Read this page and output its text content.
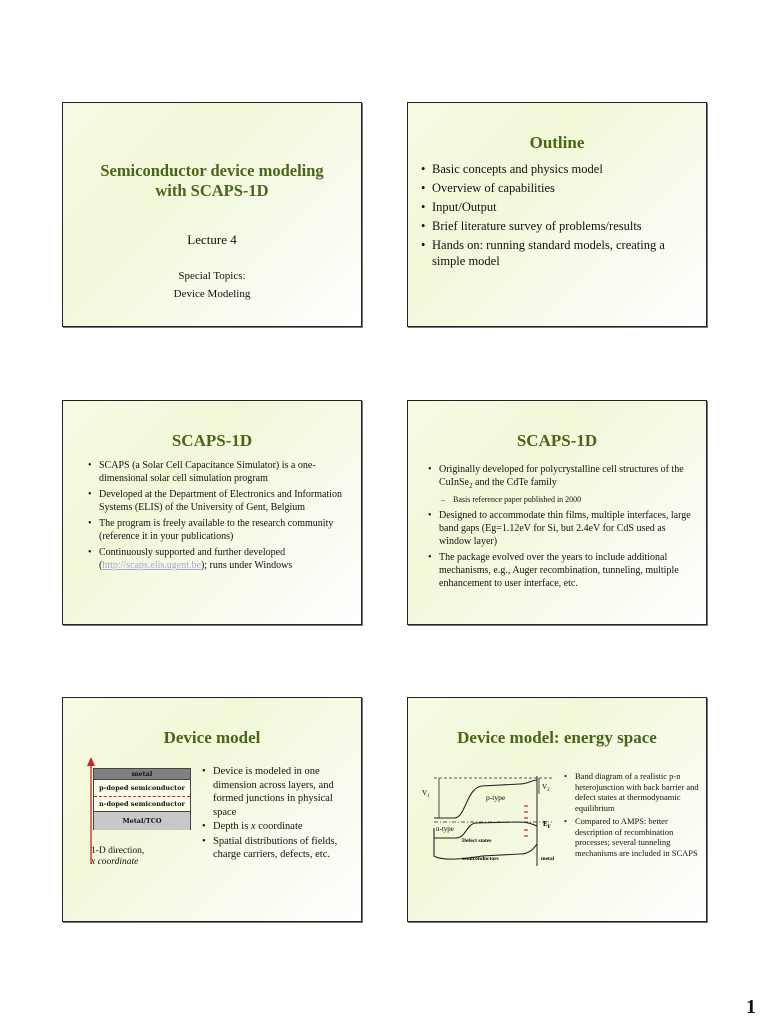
Semiconductor device modeling with SCAPS-1D
Lecture 4
Special Topics:
Device Modeling
Outline
• Basic concepts and physics model
• Overview of capabilities
• Input/Output
• Brief literature survey of problems/results
• Hands on: running standard models, creating a simple model
SCAPS-1D
• SCAPS (a Solar Cell Capacitance Simulator) is a one-dimensional solar cell simulation program
• Developed at the Department of Electronics and Information Systems (ELIS) of the University of Gent, Belgium
• The program is freely available to the research community (reference it in your publications)
• Continuously supported and further developed (http://scaps.elis.ugent.be); runs under Windows
SCAPS-1D
• Originally developed for polycrystalline cell structures of the CuInSe$_2$ and the CdTe family
– Basis reference paper published in 2000
• Designed to accommodate thin films, multiple interfaces, large band gaps (Eg=1.12eV for Si, but 2.4eV for CdS used as window layer)
• The package evolved over the years to include additional mechanisms, e.g., Auger recombination, tunneling, multiple enhancement to user interface, etc.
Device model
metal
p-doped semiconductor
n-doped semiconductor
Metal/TCO
1-D direction,
x coordinate
• Device is modeled in one dimension across layers, and formed junctions in physical space
• Depth is x coordinate
• Spatial distributions of fields, charge carriers, defects, etc.
Device model: energy space
$V_1$
$V_2$
p-type
n-type
$E_F$
Defect states
semiconductors	metal
• Band diagram of a realistic p-n heterojunction with back barrier and defect states at thermodynamic equilibrium
• Compared to AMPS: better description of recombination processes; several tunneling mechanisms are included in SCAPS
1
